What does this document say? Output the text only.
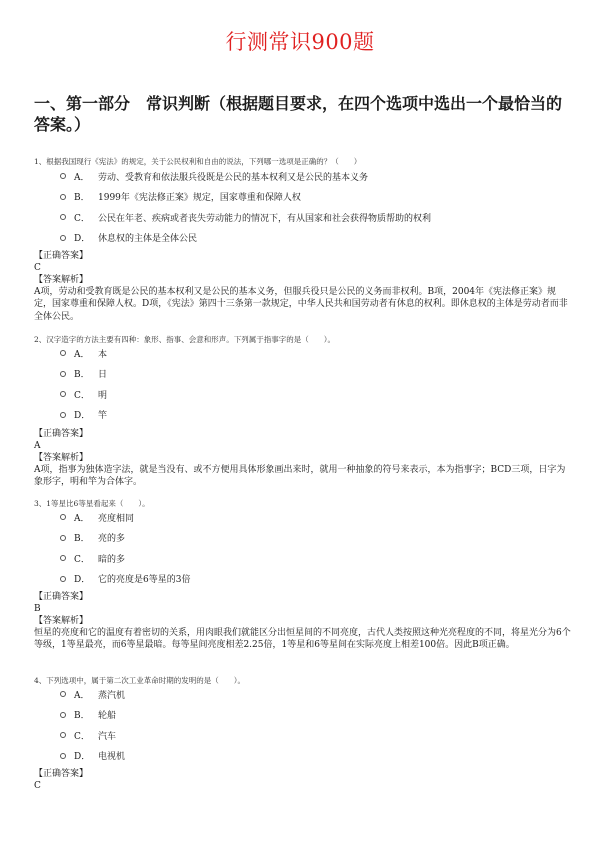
行测常识900题
一、第一部分　常识判断（根据题目要求，在四个选项中选出一个最恰当的答案。）
1、根据我国现行《宪法》的规定，关于公民权利和自由的说法，下列哪一选项是正确的？（　　）
A． 劳动、受教育和依法服兵役既是公民的基本权利又是公民的基本义务
B． 1999年《宪法修正案》规定，国家尊重和保障人权
C． 公民在年老、疾病或者丧失劳动能力的情况下，有从国家和社会获得物质帮助的权利
D． 休息权的主体是全体公民
【正确答案】
C
【答案解析】
A项，劳动和受教育既是公民的基本权利又是公民的基本义务，但服兵役只是公民的义务而非权利。B项，2004年《宪法修正案》规定，国家尊重和保障人权。D项，《宪法》第四十三条第一款规定，中华人民共和国劳动者有休息的权利。即休息权的主体是劳动者而非全体公民。
2、汉字造字的方法主要有四种：象形、指事、会意和形声。下列属于指事字的是（　　）。
A． 本
B． 日
C． 明
D． 竿
【正确答案】
A
【答案解析】
A项，指事为独体造字法，就是当没有、或不方便用具体形象画出来时，就用一种抽象的符号来表示，本为指事字；BCD三项，日字为象形字，明和竿为合体字。
3、1等星比6等星看起来（　　）。
A． 亮度相同
B． 亮的多
C． 暗的多
D． 它的亮度是6等星的3倍
【正确答案】
B
【答案解析】
恒星的亮度和它的温度有着密切的关系，用肉眼我们就能区分出恒星间的不同亮度，古代人类按照这种光亮程度的不同，将星光分为6个等级，1等星最亮，而6等星最暗。每等星间亮度相差2.25倍，1等星和6等星间在实际亮度上相差100倍。因此B项正确。
4、下列选项中，属于第二次工业革命时期的发明的是（　　）。
A． 蒸汽机
B． 轮船
C． 汽车
D． 电视机
【正确答案】
C
